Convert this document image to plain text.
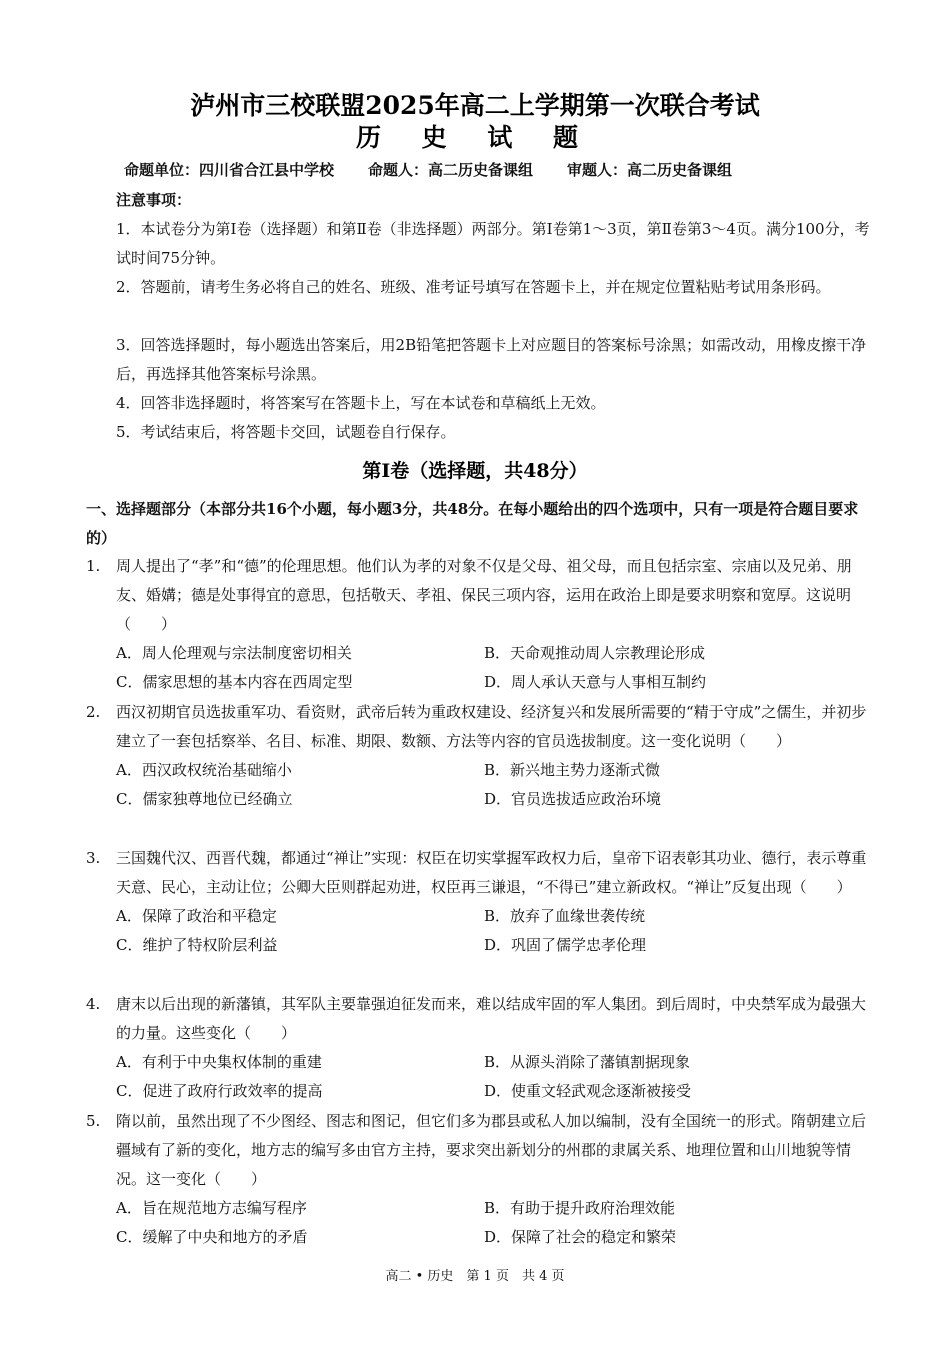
泸州市三校联盟2025年高二上学期第一次联合考试
历 史 试 题
命题单位：四川省合江县中学校 命题人：高二历史备课组 审题人：高二历史备课组
注意事项：
1．本试卷分为第Ⅰ卷（选择题）和第Ⅱ卷（非选择题）两部分。第Ⅰ卷第1～3页，第Ⅱ卷第3～4页。满分100分，考试时间75分钟。
2．答题前，请考生务必将自己的姓名、班级、准考证号填写在答题卡上，并在规定位置粘贴考试用条形码。
3．回答选择题时，每小题选出答案后，用2B铅笔把答题卡上对应题目的答案标号涂黑；如需改动，用橡皮擦干净后，再选择其他答案标号涂黑。
4．回答非选择题时，将答案写在答题卡上，写在本试卷和草稿纸上无效。
5．考试结束后，将答题卡交回，试题卷自行保存。
第Ⅰ卷（选择题，共48分）
一、选择题部分（本部分共16个小题，每小题3分，共48分。在每小题给出的四个选项中，只有一项是符合题目要求的）
1. 周人提出了“孝”和“德”的伦理思想。他们认为孝的对象不仅是父母、祖父母，而且包括宗室、宗庙以及兄弟、朋友、婚媾；德是处事得宜的意思，包括敬天、孝祖、保民三项内容，运用在政治上即是要求明察和宽厚。这说明（　　）
A．周人伦理观与宗法制度密切相关	B．天命观推动周人宗教理论形成
C．儒家思想的基本内容在西周定型	D．周人承认天意与人事相互制约
2. 西汉初期官员选拔重军功、看资财，武帝后转为重政权建设、经济复兴和发展所需要的“精于守成”之儒生，并初步建立了一套包括察举、名目、标准、期限、数额、方法等内容的官员选拔制度。这一变化说明（　　）
A．西汉政权统治基础缩小	B．新兴地主势力逐渐式微
C．儒家独尊地位已经确立	D．官员选拔适应政治环境
3. 三国魏代汉、西晋代魏，都通过“禅让”实现：权臣在切实掌握军政权力后，皇帝下诏表彰其功业、德行，表示尊重天意、民心，主动让位；公卿大臣则群起劝进，权臣再三谦退，“不得已”建立新政权。“禅让”反复出现（　　）
A．保障了政治和平稳定	B．放弃了血缘世袭传统
C．维护了特权阶层利益	D．巩固了儒学忠孝伦理
4. 唐末以后出现的新藩镇，其军队主要靠强迫征发而来，难以结成牢固的军人集团。到后周时，中央禁军成为最强大的力量。这些变化（　　）
A．有利于中央集权体制的重建	B．从源头消除了藩镇割据现象
C．促进了政府行政效率的提高	D．使重文轻武观念逐渐被接受
5. 隋以前，虽然出现了不少图经、图志和图记，但它们多为郡县或私人加以编制，没有全国统一的形式。隋朝建立后疆域有了新的变化，地方志的编写多由官方主持，要求突出新划分的州郡的隶属关系、地理位置和山川地貌等情况。这一变化（　　）
A．旨在规范地方志编写程序	B．有助于提升政府治理效能
C．缓解了中央和地方的矛盾	D．保障了社会的稳定和繁荣
高二 • 历史　第 1 页　共 4 页
